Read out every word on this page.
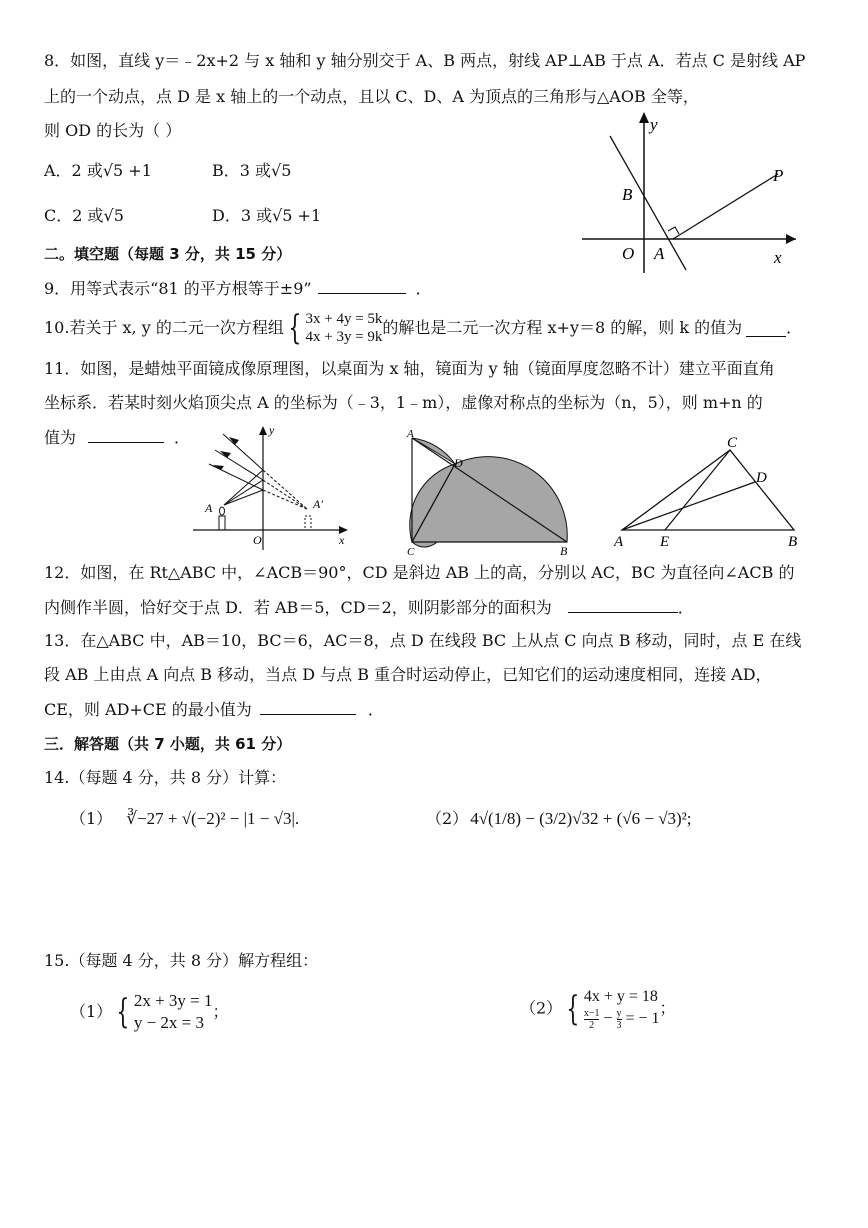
8．如图，直线 y＝﹣2x+2 与 x 轴和 y 轴分别交于 A、B 两点，射线 AP⊥AB 于点 A．若点 C 是射线 AP
上的一个动点，点 D 是 x 轴上的一个动点，且以 C、D、A 为顶点的三角形与△AOB 全等，
则 OD 的长为（ ）
A．2 或√5 +1	B．3 或√5
C．2 或√5	D．3 或√5 +1
y
B
P
O A	x
二。填空题（每题 3 分，共 15 分）
9．用等式表示“81 的平方根等于±9”	．
10.若关于 x, y 的二元一次方程组 { 3x + 4y = 5k
4x + 3y = 9k的解也是二元一次方程 x+y＝8 的解，则 k 的值为	．
11．如图，是蜡烛平面镜成像原理图，以桌面为 x 轴，镜面为 y 轴（镜面厚度忽略不计）建立平面直角
坐标系．若某时刻火焰顶尖点 A 的坐标为（﹣3，1﹣m），虚像对称点的坐标为（n，5），则 m+n 的
值为	．	y
A	A′
O	x
A
D
C	B
C
D
A E	B
12．如图，在 Rt△ABC 中，∠ACB＝90°，CD 是斜边 AB 上的高，分别以 AC，BC 为直径向∠ACB 的
内侧作半圆，恰好交于点 D．若 AB＝5，CD＝2，则阴影部分的面积为	．
13．在△ABC 中，AB＝10，BC＝6，AC＝8，点 D 在线段 BC 上从点 C 向点 B 移动，同时，点 E 在线
段 AB 上由点 A 向点 B 移动，当点 D 与点 B 重合时运动停止，已知它们的运动速度相同，连接 AD，
CE，则 AD+CE 的最小值为	．
三．解答题（共 7 小题，共 61 分）
14.（每题 4 分，共 8 分）计算：
（1） ∛−27 + √(−2)² − |1 − √3|.	（2） 4√(1/8) − (3/2)√32 + (√6 − √3)²;
15.（每题 4 分，共 8 分）解方程组：
（1） { 2x + 3y = 1
y − 2x = 3；	（2） { 4x + y = 18

$\frac{x-1}{2} - \frac{y}{3}$ = − 1；
